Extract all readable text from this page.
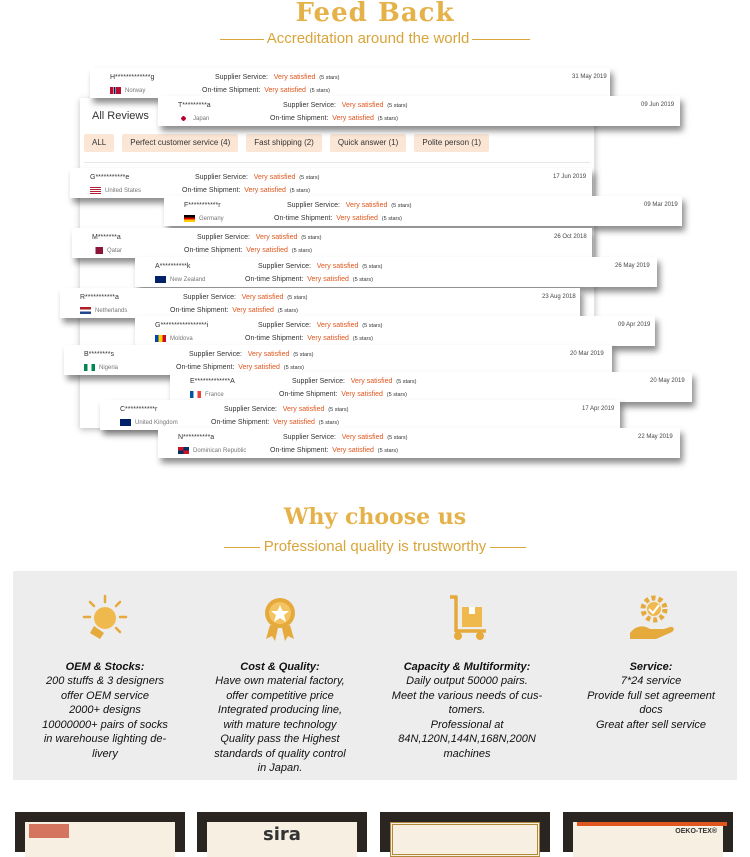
Feed Back
Accreditation around the world
All Reviews
ALL	Perfect customer service (4)	Fast shipping (2)	Quick answer (1)	Polite person (1)
H*************g
Norway
Supplier Service: Very satisfied (5 stars)
On-time Shipment: Very satisfied (5 stars)
31 May 2019
T*********a
Japan
Supplier Service: Very satisfied (5 stars)
On-time Shipment: Very satisfied (5 stars)
09 Jun 2019
G***********e
United States
Supplier Service: Very satisfied (5 stars)
On-time Shipment: Very satisfied (5 stars)
17 Jun 2019
F***********r
Germany
Supplier Service: Very satisfied (5 stars)
On-time Shipment: Very satisfied (5 stars)
09 Mar 2019
M*******a
Qatar
Supplier Service: Very satisfied (5 stars)
On-time Shipment: Very satisfied (5 stars)
26 Oct 2018
A**********k
New Zealand
Supplier Service: Very satisfied (5 stars)
On-time Shipment: Very satisfied (5 stars)
26 May 2019
R***********a
Netherlands
Supplier Service: Very satisfied (5 stars)
On-time Shipment: Very satisfied (5 stars)
23 Aug 2018
G*****************i
Moldova
Supplier Service: Very satisfied (5 stars)
On-time Shipment: Very satisfied (5 stars)
09 Apr 2019
B********s
Nigeria
Supplier Service: Very satisfied (5 stars)
On-time Shipment: Very satisfied (5 stars)
20 Mar 2019
E*************A
France
Supplier Service: Very satisfied (5 stars)
On-time Shipment: Very satisfied (5 stars)
20 May 2019
C***********r
United Kingdom
Supplier Service: Very satisfied (5 stars)
On-time Shipment: Very satisfied (5 stars)
17 Apr 2019
N**********a
Dominican Republic
Supplier Service: Very satisfied (5 stars)
On-time Shipment: Very satisfied (5 stars)
22 May 2019
Why choose us
Professional quality is trustworthy
OEM & Stocks:
200 stuffs & 3 designers
offer OEM service
2000+ designs
10000000+ pairs of socks
in warehouse lighting de-
livery
Cost & Quality:
Have own material factory,
offer competitive price
Integrated producing line,
with mature technology
Quality pass the Highest
standards of quality control
in Japan.
Capacity & Multiformity:
Daily output 50000 pairs.
Meet the various needs of cus-
tomers.
Professional at
84N,120N,144N,168N,200N
machines
Service:
7*24 service
Provide full set agreement
docs
Great after sell service
sira	OEKO-TEX®
